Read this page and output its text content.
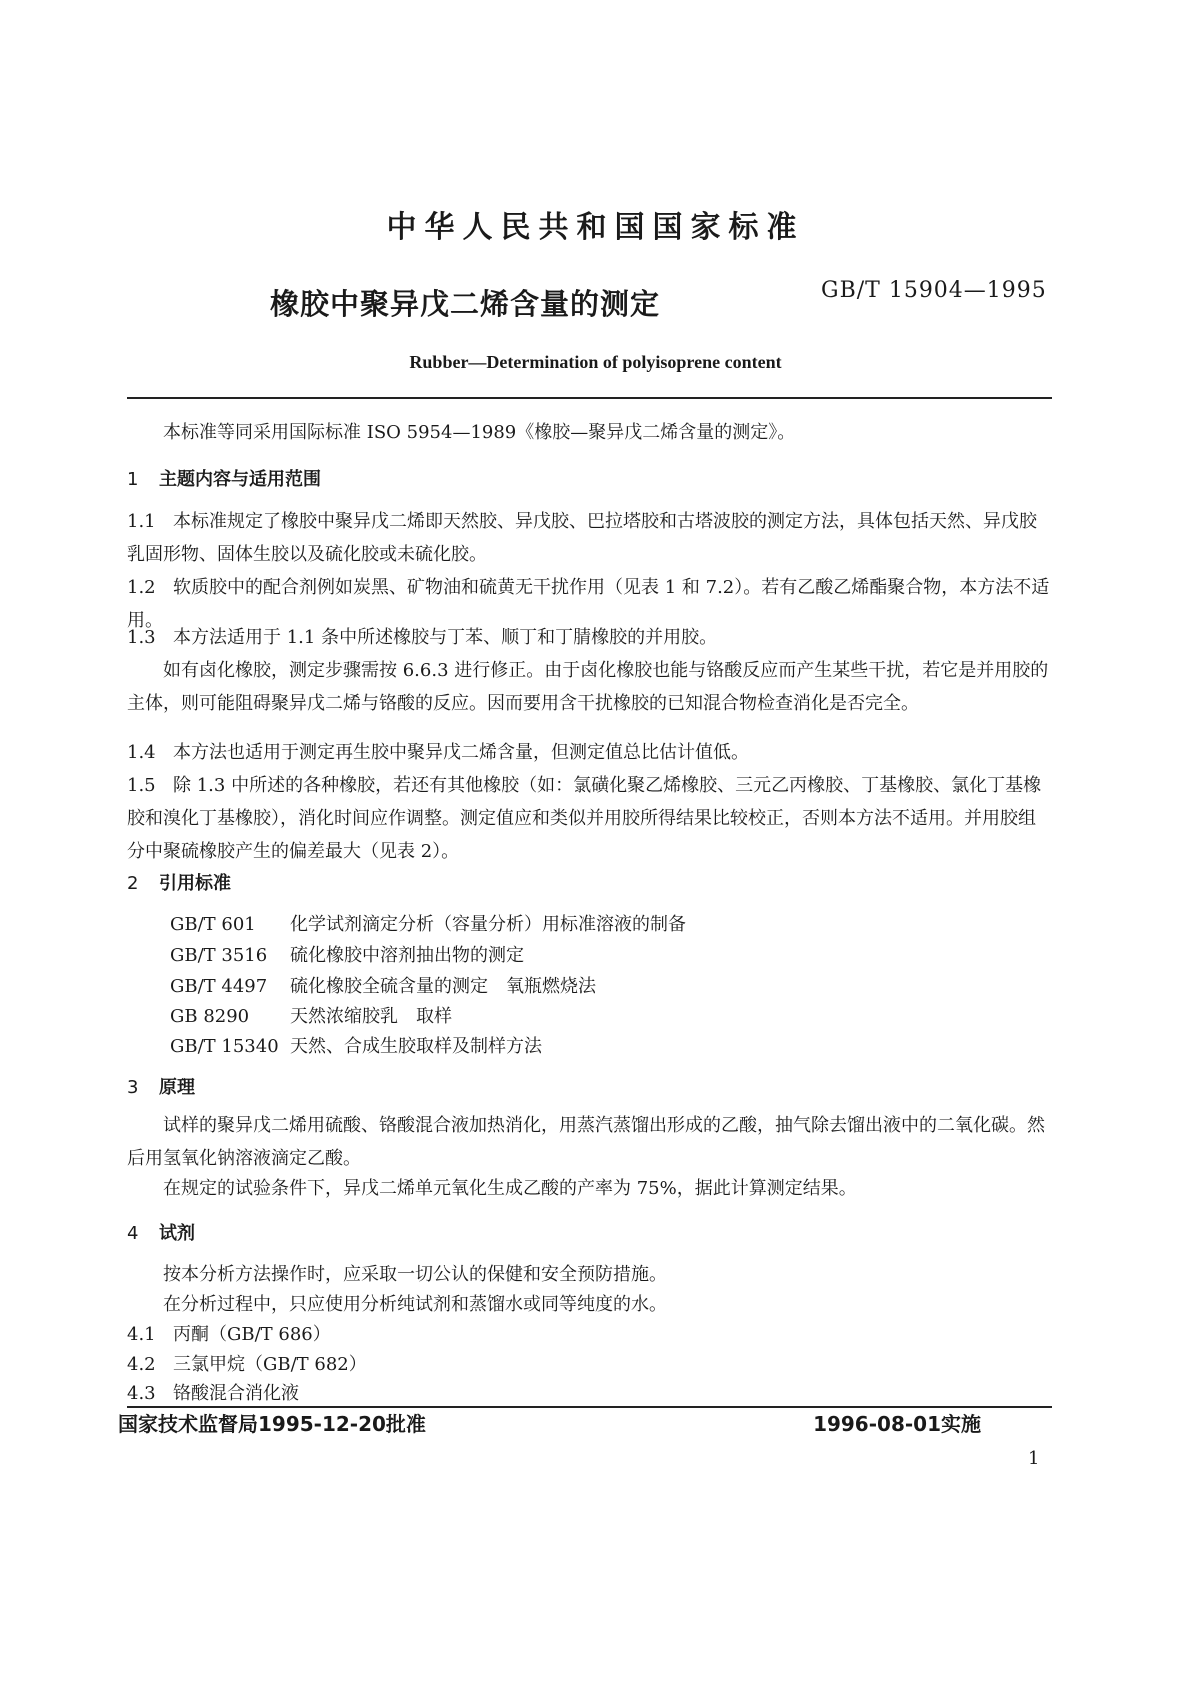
中华人民共和国国家标准
橡胶中聚异戊二烯含量的测定	GB/T 15904—1995
Rubber—Determination of polyisoprene content
本标准等同采用国际标准 ISO 5954—1989《橡胶—聚异戊二烯含量的测定》。
1 主题内容与适用范围
1.1 本标准规定了橡胶中聚异戊二烯即天然胶、异戊胶、巴拉塔胶和古塔波胶的测定方法，具体包括天然、异戊胶乳固形物、固体生胶以及硫化胶或未硫化胶。
1.2 软质胶中的配合剂例如炭黑、矿物油和硫黄无干扰作用（见表 1 和 7.2）。若有乙酸乙烯酯聚合物，本方法不适用。
1.3 本方法适用于 1.1 条中所述橡胶与丁苯、顺丁和丁腈橡胶的并用胶。
如有卤化橡胶，测定步骤需按 6.6.3 进行修正。由于卤化橡胶也能与铬酸反应而产生某些干扰，若它是并用胶的主体，则可能阻碍聚异戊二烯与铬酸的反应。因而要用含干扰橡胶的已知混合物检查消化是否完全。
1.4 本方法也适用于测定再生胶中聚异戊二烯含量，但测定值总比估计值低。
1.5 除 1.3 中所述的各种橡胶，若还有其他橡胶（如：氯磺化聚乙烯橡胶、三元乙丙橡胶、丁基橡胶、氯化丁基橡胶和溴化丁基橡胶），消化时间应作调整。测定值应和类似并用胶所得结果比较校正，否则本方法不适用。并用胶组分中聚硫橡胶产生的偏差最大（见表 2）。
2 引用标准
GB/T 601 化学试剂滴定分析（容量分析）用标准溶液的制备
GB/T 3516 硫化橡胶中溶剂抽出物的测定
GB/T 4497 硫化橡胶全硫含量的测定　氧瓶燃烧法
GB 8290 天然浓缩胶乳　取样
GB/T 15340 天然、合成生胶取样及制样方法
3 原理
试样的聚异戊二烯用硫酸、铬酸混合液加热消化，用蒸汽蒸馏出形成的乙酸，抽气除去馏出液中的二氧化碳。然后用氢氧化钠溶液滴定乙酸。
在规定的试验条件下，异戊二烯单元氧化生成乙酸的产率为 75%，据此计算测定结果。
4 试剂
按本分析方法操作时，应采取一切公认的保健和安全预防措施。
在分析过程中，只应使用分析纯试剂和蒸馏水或同等纯度的水。
4.1 丙酮（GB/T 686）
4.2 三氯甲烷（GB/T 682）
4.3 铬酸混合消化液
国家技术监督局1995-12-20批准	1996-08-01实施
1
